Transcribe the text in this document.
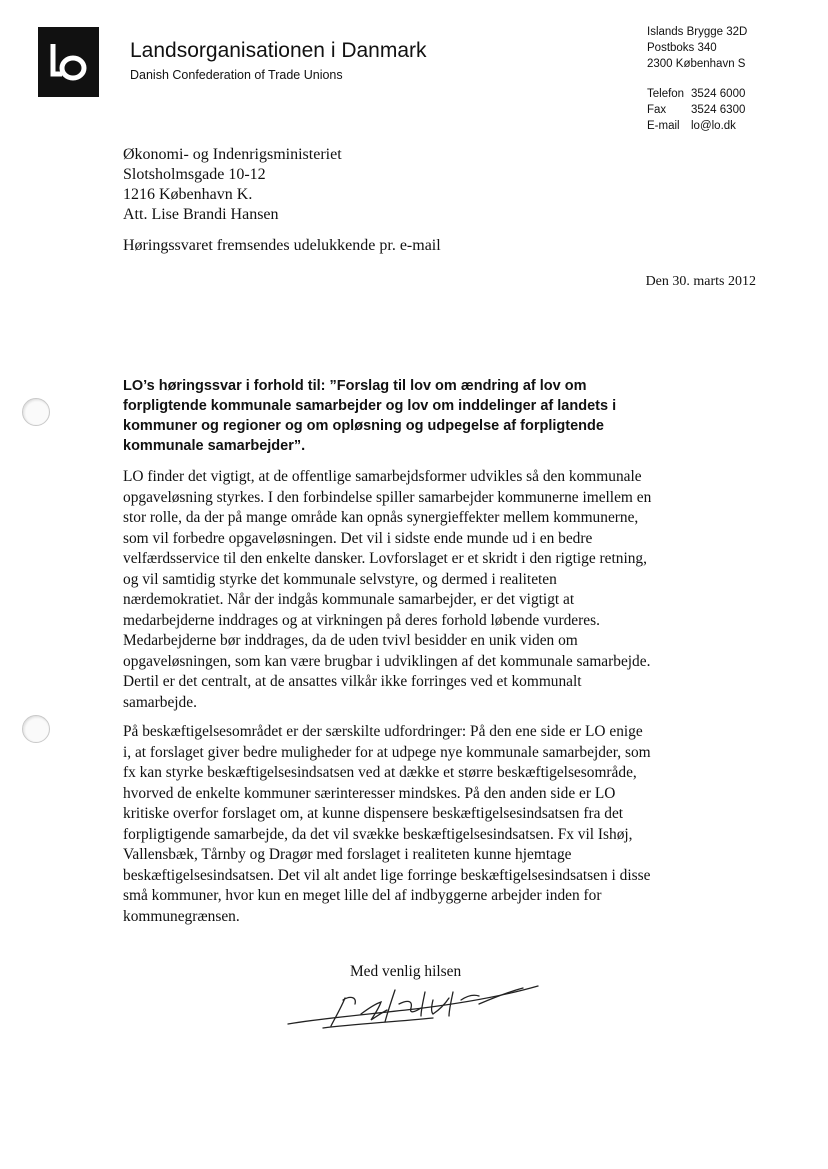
Landsorganisationen i Danmark
Danish Confederation of Trade Unions
Islands Brygge 32D
Postboks 340
2300 København S
Telefon 3524 6000
Fax	3524 6300
E-mail lo@lo.dk
Økonomi- og Indenrigsministeriet
Slotsholmsgade 10-12
1216 København K.
Att. Lise Brandi Hansen
Høringssvaret fremsendes udelukkende pr. e-mail
Den 30. marts 2012
LO’s høringssvar i forhold til: ”Forslag til lov om ændring af lov om
forpligtende kommunale samarbejder og lov om inddelinger af landets i
kommuner og regioner og om opløsning og udpegelse af forpligtende
kommunale samarbejder”.
LO finder det vigtigt, at de offentlige samarbejdsformer udvikles så den kommunale
opgaveløsning styrkes. I den forbindelse spiller samarbejder kommunerne imellem en
stor rolle, da der på mange område kan opnås synergieffekter mellem kommunerne,
som vil forbedre opgaveløsningen. Det vil i sidste ende munde ud i en bedre
velfærdsservice til den enkelte dansker. Lovforslaget er et skridt i den rigtige retning,
og vil samtidig styrke det kommunale selvstyre, og dermed i realiteten
nærdemokratiet. Når der indgås kommunale samarbejder, er det vigtigt at
medarbejderne inddrages og at virkningen på deres forhold løbende vurderes.
Medarbejderne bør inddrages, da de uden tvivl besidder en unik viden om
opgaveløsningen, som kan være brugbar i udviklingen af det kommunale samarbejde.
Dertil er det centralt, at de ansattes vilkår ikke forringes ved et kommunalt
samarbejde.
På beskæftigelsesområdet er der særskilte udfordringer: På den ene side er LO enige
i, at forslaget giver bedre muligheder for at udpege nye kommunale samarbejder, som
fx kan styrke beskæftigelsesindsatsen ved at dække et større beskæftigelsesområde,
hvorved de enkelte kommuner særinteresser mindskes. På den anden side er LO
kritiske overfor forslaget om, at kunne dispensere beskæftigelsesindsatsen fra det
forpligtigende samarbejde, da det vil svække beskæftigelsesindsatsen. Fx vil Ishøj,
Vallensbæk, Tårnby og Dragør med forslaget i realiteten kunne hjemtage
beskæftigelsesindsatsen. Det vil alt andet lige forringe beskæftigelsesindsatsen i disse
små kommuner, hvor kun en meget lille del af indbyggerne arbejder inden for
kommunegrænsen.
Med venlig hilsen
